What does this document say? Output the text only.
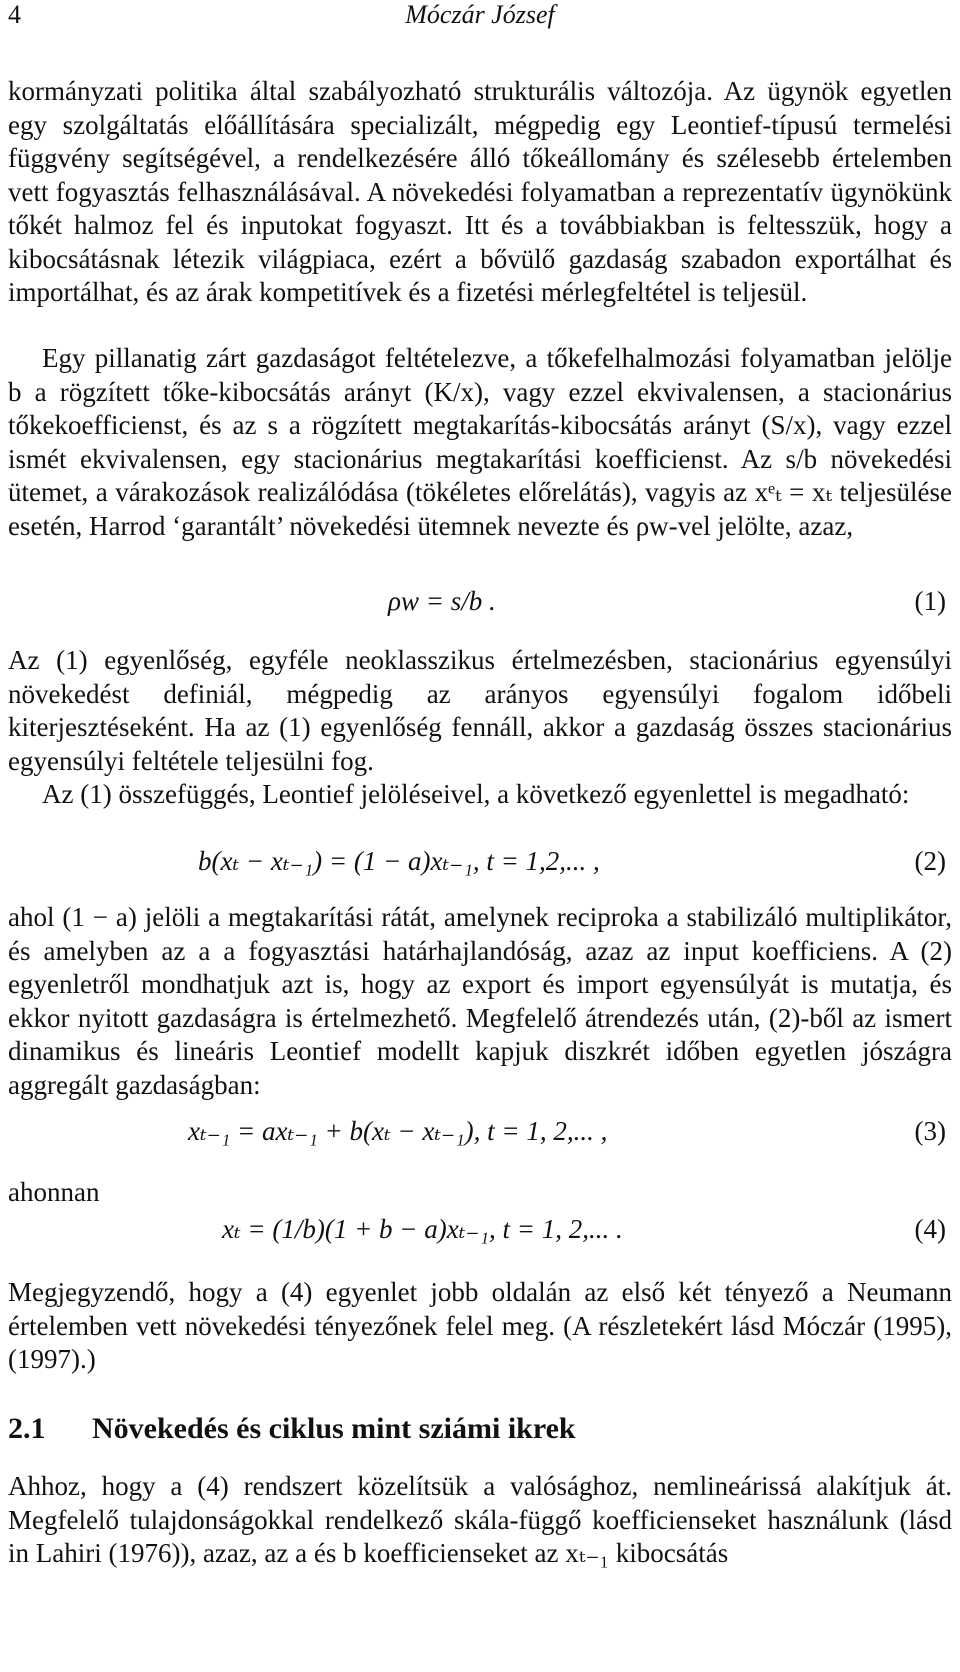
4	Móczár József

kormányzati politika által szabályozható strukturális változója. Az ügynök egyetlen egy szolgáltatás előállítására specializált, mégpedig egy Leontief-típusú termelési függvény segítségével, a rendelkezésére álló tőkeállomány és szélesebb értelemben vett fogyasztás felhasználásával. A növekedési folyamatban a reprezentatív ügynökünk tőkét halmoz fel és inputokat fogyaszt. Itt és a továbbiakban is feltesszük, hogy a kibocsátásnak létezik világpiaca, ezért a bővülő gazdaság szabadon exportálhat és importálhat, és az árak kompetitívek és a fizetési mérlegfeltétel is teljesül.

Egy pillanatig zárt gazdaságot feltételezve, a tőkefelhalmozási folyamatban jelölje b a rögzített tőke-kibocsátás arányt (K/x), vagy ezzel ekvivalensen, a stacionárius tőkekoefficienst, és az s a rögzített megtakarítás-kibocsátás arányt (S/x), vagy ezzel ismét ekvivalensen, egy stacionárius megtakarítási koefficienst. Az s/b növekedési ütemet, a várakozások realizálódása (tökéletes előrelátás), vagyis az xᵉₜ = xₜ teljesülése esetén, Harrod ‘garantált’ növekedési ütemnek nevezte és ρw-vel jelölte, azaz,

ρw = s/b .	(1)

Az (1) egyenlőség, egyféle neoklasszikus értelmezésben, stacionárius egyensúlyi növekedést definiál, mégpedig az arányos egyensúlyi fogalom időbeli kiterjesztéseként. Ha az (1) egyenlőség fennáll, akkor a gazdaság összes stacionárius egyensúlyi feltétele teljesülni fog.

Az (1) összefüggés, Leontief jelöléseivel, a következő egyenlettel is megadható:

b(xₜ − xₜ₋₁) = (1 − a)xₜ₋₁, t = 1,2,... ,	(2)

ahol (1 − a) jelöli a megtakarítási rátát, amelynek reciproka a stabilizáló multiplikátor, és amelyben az a a fogyasztási határhajlandóság, azaz az input koefficiens. A (2) egyenletről mondhatjuk azt is, hogy az export és import egyensúlyát is mutatja, és ekkor nyitott gazdaságra is értelmezhető. Megfelelő átrendezés után, (2)-ből az ismert dinamikus és lineáris Leontief modellt kapjuk diszkrét időben egyetlen jószágra aggregált gazdaságban:

xₜ₋₁ = axₜ₋₁ + b(xₜ − xₜ₋₁), t = 1, 2,... ,	(3)

ahonnan

xₜ = (1/b)(1 + b − a)xₜ₋₁, t = 1, 2,... .	(4)

Megjegyzendő, hogy a (4) egyenlet jobb oldalán az első két tényező a Neumann értelemben vett növekedési tényezőnek felel meg. (A részletekért lásd Móczár (1995), (1997).)

2.1 Növekedés és ciklus mint sziámi ikrek

Ahhoz, hogy a (4) rendszert közelítsük a valósághoz, nemlineárissá alakítjuk át. Megfelelő tulajdonságokkal rendelkező skála-függő koefficienseket használunk (lásd in Lahiri (1976)), azaz, az a és b koefficienseket az xₜ₋₁ kibocsátás
